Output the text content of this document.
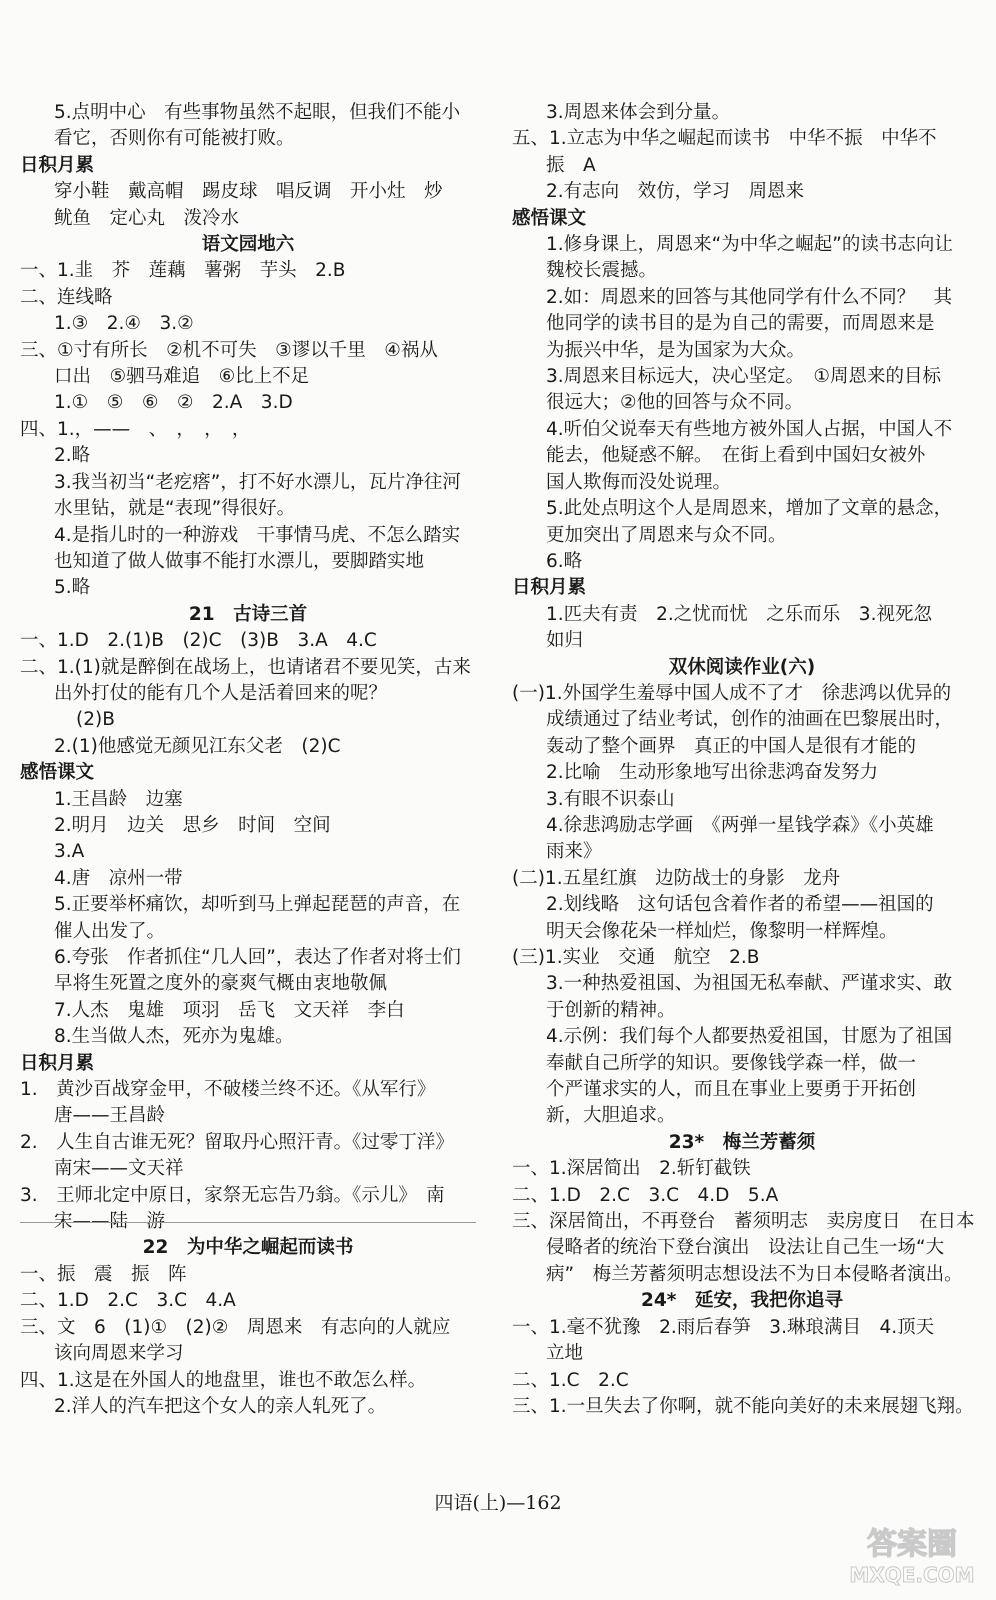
5.点明中心　有些事物虽然不起眼，但我们不能小
看它，否则你有可能被打败。
日积月累
穿小鞋　戴高帽　踢皮球　唱反调　开小灶　炒
鱿鱼　定心丸　泼冷水
语文园地六
一、1.韭　芥　莲藕　薯粥　芋头　2.B
二、连线略
1.③　2.④　3.②
三、①寸有所长　②机不可失　③谬以千里　④祸从
口出　⑤驷马难追　⑥比上不足
1.①　⑤　⑥　②　2.A　3.D
四、1.，——　、　，　，　，
2.略
3.我当初当“老疙瘩”，打不好水漂儿，瓦片净往河
水里钻，就是“表现”得很好。
4.是指儿时的一种游戏　干事情马虎、不怎么踏实
也知道了做人做事不能打水漂儿，要脚踏实地
5.略
21　古诗三首
一、1.D　2.(1)B　(2)C　(3)B　3.A　4.C
二、1.(1)就是醉倒在战场上，也请诸君不要见笑，古来
出外打仗的能有几个人是活着回来的呢？
(2)B
2.(1)他感觉无颜见江东父老　(2)C
感悟课文
1.王昌龄　边塞
2.明月　边关　思乡　时间　空间
3.A
4.唐　凉州一带
5.正要举杯痛饮，却听到马上弹起琵琶的声音，在
催人出发了。
6.夸张　作者抓住“几人回”，表达了作者对将士们
早将生死置之度外的豪爽气概由衷地敬佩
7.人杰　鬼雄　项羽　岳飞　文天祥　李白
8.生当做人杰，死亦为鬼雄。
日积月累
1.　黄沙百战穿金甲，不破楼兰终不还。《从军行》
唐——王昌龄
2.　人生自古谁无死？留取丹心照汗青。《过零丁洋》
南宋——文天祥
3.　王师北定中原日，家祭无忘告乃翁。《示儿》　南
宋——陆　游
22　为中华之崛起而读书
一、振　震　振　阵
二、1.D　2.C　3.C　4.A
三、文　6　(1)①　(2)②　周恩来　有志向的人就应
该向周恩来学习
四、1.这是在外国人的地盘里，谁也不敢怎么样。
2.洋人的汽车把这个女人的亲人轧死了。
3.周恩来体会到分量。
五、1.立志为中华之崛起而读书　中华不振　中华不
振　A
2.有志向　效仿，学习　周恩来
感悟课文
1.修身课上，周恩来“为中华之崛起”的读书志向让
魏校长震撼。
2.如：周恩来的回答与其他同学有什么不同？　其
他同学的读书目的是为自己的需要，而周恩来是
为振兴中华，是为国家为大众。
3.周恩来目标远大，决心坚定。　①周恩来的目标
很远大；②他的回答与众不同。
4.听伯父说奉天有些地方被外国人占据，中国人不
能去，他疑惑不解。　在街上看到中国妇女被外
国人欺侮而没处说理。
5.此处点明这个人是周恩来，增加了文章的悬念，
更加突出了周恩来与众不同。
6.略
日积月累
1.匹夫有责　2.之忧而忧　之乐而乐　3.视死忽
如归
双休阅读作业(六)
(一)1.外国学生羞辱中国人成不了才　徐悲鸿以优异的
成绩通过了结业考试，创作的油画在巴黎展出时，
轰动了整个画界　真正的中国人是很有才能的
2.比喻　生动形象地写出徐悲鸿奋发努力
3.有眼不识泰山
4.徐悲鸿励志学画　《两弹一星钱学森》《小英雄
雨来》
(二)1.五星红旗　边防战士的身影　龙舟
2.划线略　这句话包含着作者的希望——祖国的
明天会像花朵一样灿烂，像黎明一样辉煌。
(三)1.实业　交通　航空　2.B
3.一种热爱祖国、为祖国无私奉献、严谨求实、敢
于创新的精神。
4.示例：我们每个人都要热爱祖国，甘愿为了祖国
奉献自己所学的知识。要像钱学森一样，做一
个严谨求实的人，而且在事业上要勇于开拓创
新，大胆追求。
23*　梅兰芳蓄须
一、1.深居简出　2.斩钉截铁
二、1.D　2.C　3.C　4.D　5.A
三、深居简出，不再登台　蓄须明志　卖房度日　在日本
侵略者的统治下登台演出　设法让自己生一场“大
病”　梅兰芳蓄须明志想设法不为日本侵略者演出。
24*　延安，我把你追寻
一、1.毫不犹豫　2.雨后春笋　3.琳琅满目　4.顶天
立地
二、1.C　2.C
三、1.一旦失去了你啊，就不能向美好的未来展翅飞翔。
四语(上)—162
答案圈
MXQE.COM
